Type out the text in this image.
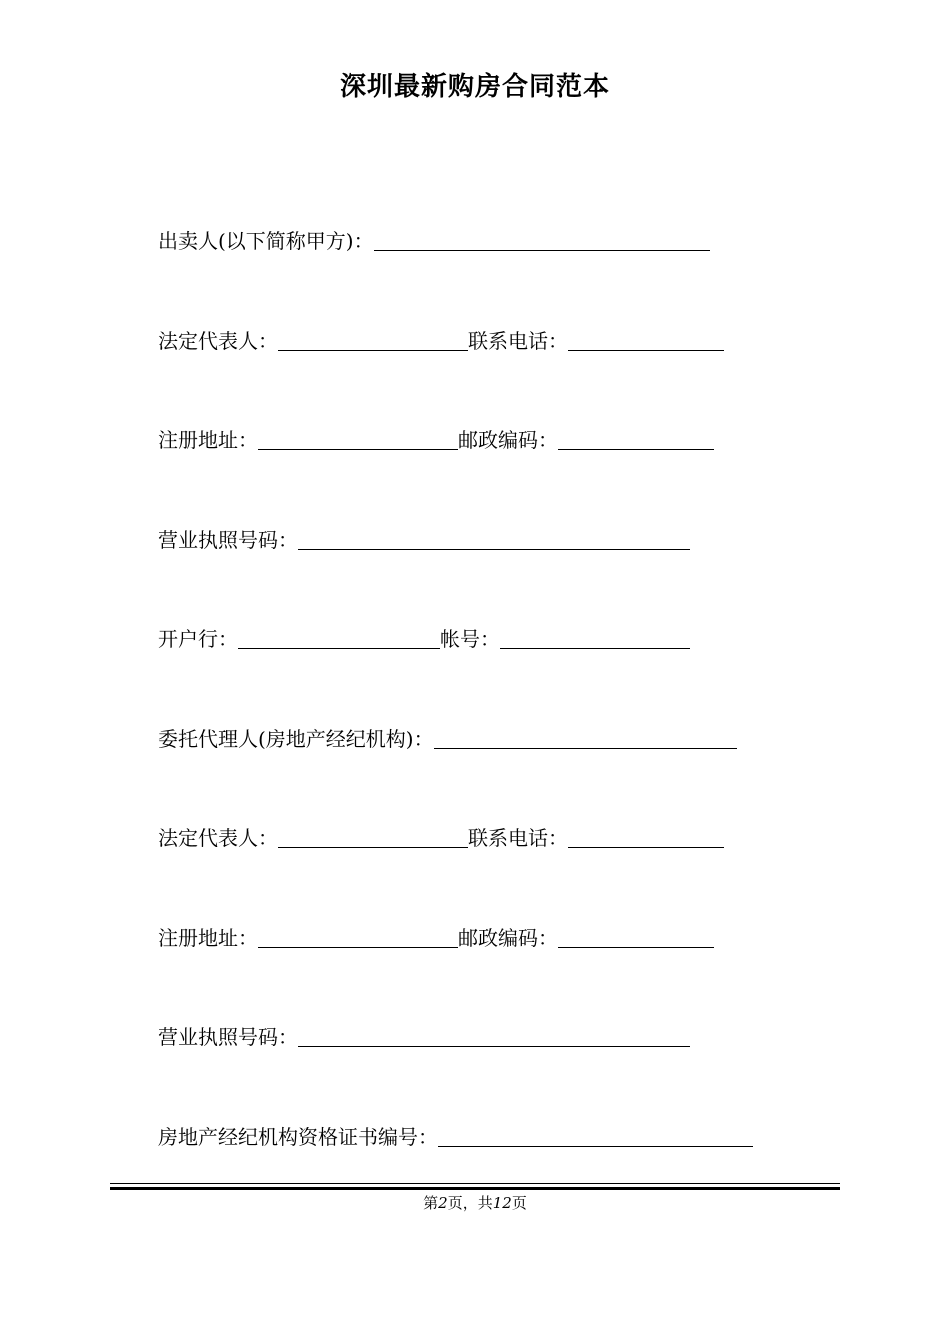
深圳最新购房合同范本
出卖人(以下简称甲方)：
法定代表人：	联系电话：
注册地址：	邮政编码：
营业执照号码：
开户行：	帐号：
委托代理人(房地产经纪机构)：
法定代表人：	联系电话：
注册地址：	邮政编码：
营业执照号码：
房地产经纪机构资格证书编号：
第2页，共12页
